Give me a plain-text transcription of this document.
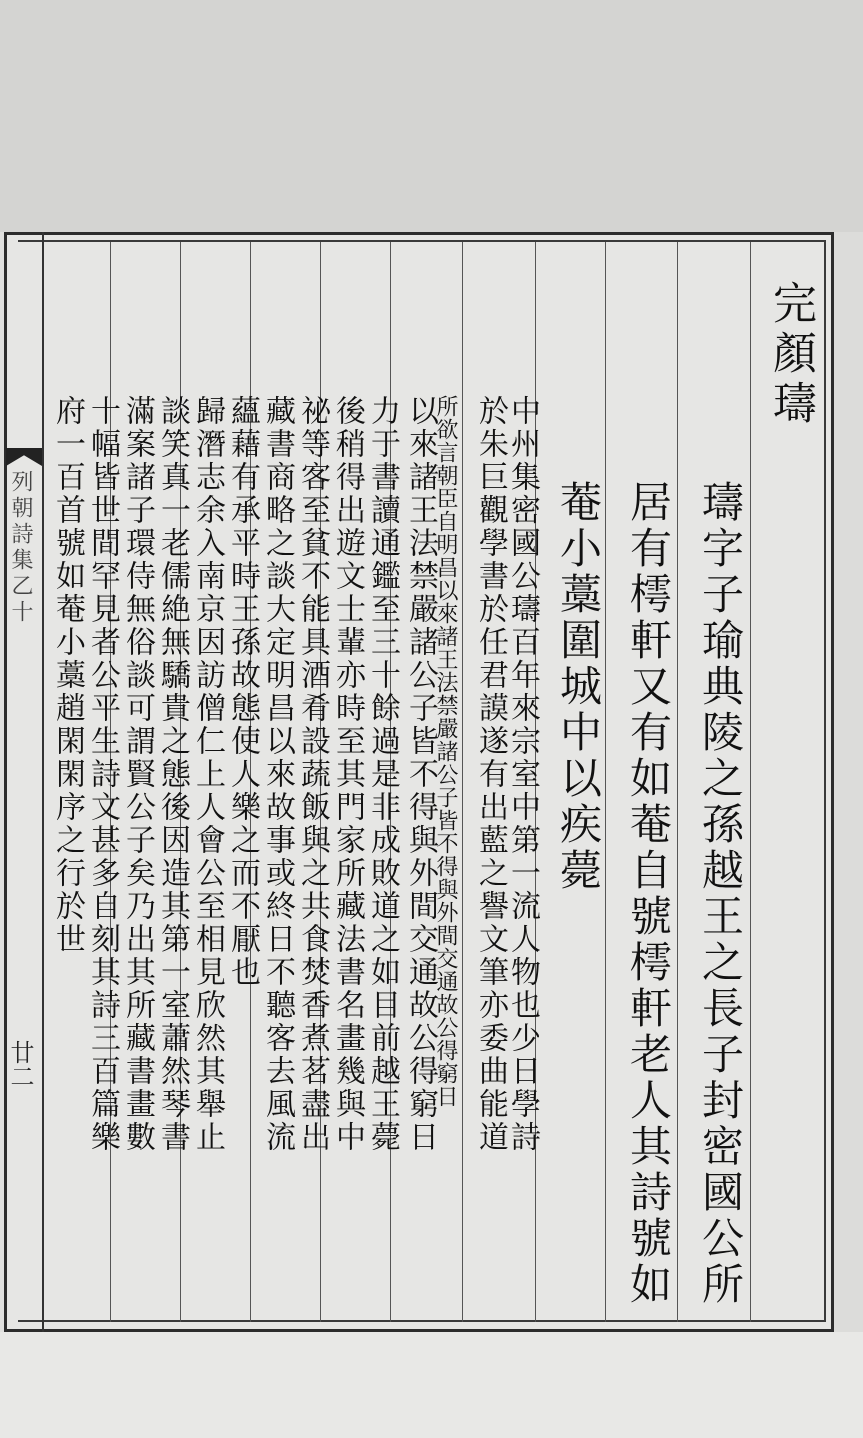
列朝詩集乙十
廿二
完顏璹
璹字子瑜典陵之孫越王之長子封密國公所
居有樗軒又有如菴自號樗軒老人其詩號如
菴小藁圍城中以疾薨
中州集密國公璹百年來宗室中第一流人物也少日學詩
於朱巨觀學書於任君謨遂有出藍之譽文筆亦委曲能道
所欲言朝臣自明昌以來諸王法禁嚴諸公子皆不得與外間交通故公得窮日
以來諸王法禁嚴諸公子皆不得與外間交通故公得窮日
力于書讀通鑑至三十餘過是非成敗道之如目前越王薨
後稍得出遊文士輩亦時至其門家所藏法書名畫幾與中
祕等客至貧不能具酒肴設蔬飯與之共食焚香煮茗盡出
藏書商略之談大定明昌以來故事或終日不聽客去風流
蘊藉有承平時王孫故態使人樂之而不厭也
歸潛志余入南京因訪僧仁上人會公至相見欣然其舉止
談笑真一老儒絶無驕貴之態後因造其第一室蕭然琴書
滿案諸子環侍無俗談可謂賢公子矣乃出其所藏書畫數
十幅皆世間罕見者公平生詩文甚多自刻其詩三百篇樂
府一百首號如菴小藁趙閑閑序之行於世
